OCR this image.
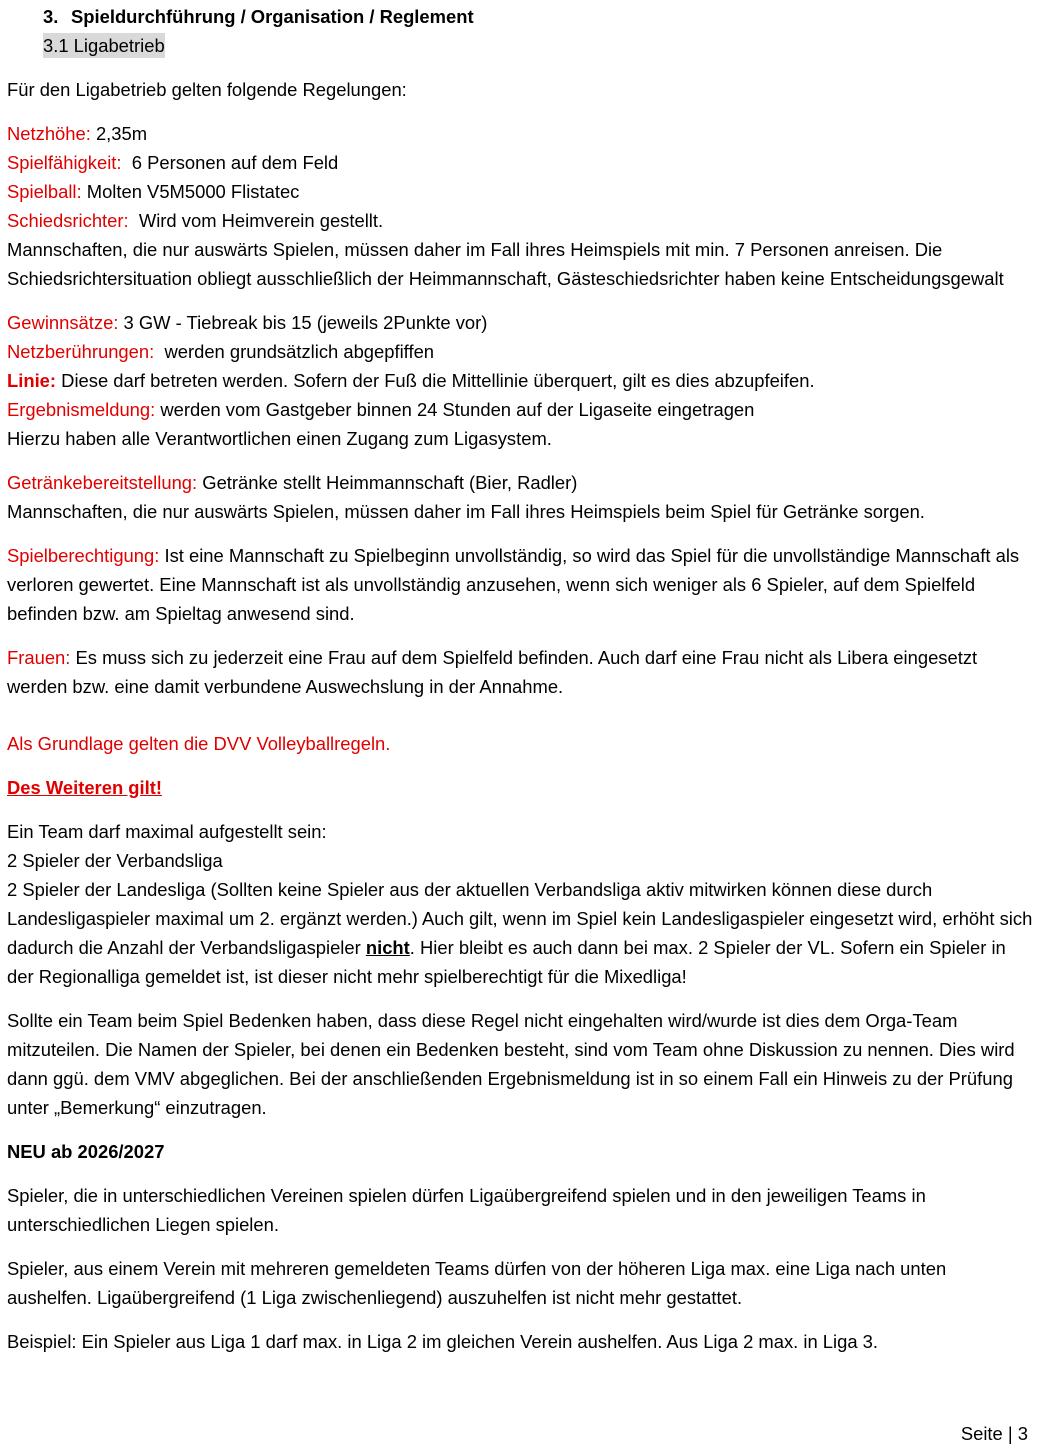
3. Spieldurchführung / Organisation / Reglement
3.1 Ligabetrieb

Für den Ligabetrieb gelten folgende Regelungen:

Netzhöhe: 2,35m

Spielfähigkeit:  6 Personen auf dem Feld

Spielball: Molten V5M5000 Flistatec

Schiedsrichter:  Wird vom Heimverein gestellt.

Mannschaften, die nur auswärts Spielen, müssen daher im Fall ihres Heimspiels mit min. 7 Personen anreisen. Die Schiedsrichtersituation obliegt ausschließlich der Heimmannschaft, Gästeschiedsrichter haben keine Entscheidungsgewalt

Gewinnsätze: 3 GW - Tiebreak bis 15 (jeweils 2Punkte vor)

Netzberührungen:  werden grundsätzlich abgepfiffen

Linie: Diese darf betreten werden. Sofern der Fuß die Mittellinie überquert, gilt es dies abzupfeifen.

Ergebnismeldung: werden vom Gastgeber binnen 24 Stunden auf der Ligaseite eingetragen

Hierzu haben alle Verantwortlichen einen Zugang zum Ligasystem.

Getränkebereitstellung: Getränke stellt Heimmannschaft (Bier, Radler)

Mannschaften, die nur auswärts Spielen, müssen daher im Fall ihres Heimspiels beim Spiel für Getränke sorgen.

Spielberechtigung: Ist eine Mannschaft zu Spielbeginn unvollständig, so wird das Spiel für die unvollständige Mannschaft als verloren gewertet. Eine Mannschaft ist als unvollständig anzusehen, wenn sich weniger als 6 Spieler, auf dem Spielfeld befinden bzw. am Spieltag anwesend sind.

Frauen: Es muss sich zu jederzeit eine Frau auf dem Spielfeld befinden. Auch darf eine Frau nicht als Libera eingesetzt werden bzw. eine damit verbundene Auswechslung in der Annahme.

Als Grundlage gelten die DVV Volleyballregeln.

Des Weiteren gilt!

Ein Team darf maximal aufgestellt sein:

2 Spieler der Verbandsliga

2 Spieler der Landesliga (Sollten keine Spieler aus der aktuellen Verbandsliga aktiv mitwirken können diese durch Landesligaspieler maximal um 2. ergänzt werden.) Auch gilt, wenn im Spiel kein Landesligaspieler eingesetzt wird, erhöht sich dadurch die Anzahl der Verbandsligaspieler nicht. Hier bleibt es auch dann bei max. 2 Spieler der VL. Sofern ein Spieler in der Regionalliga gemeldet ist, ist dieser nicht mehr spielberechtigt für die Mixedliga!

Sollte ein Team beim Spiel Bedenken haben, dass diese Regel nicht eingehalten wird/wurde ist dies dem Orga-Team mitzuteilen. Die Namen der Spieler, bei denen ein Bedenken besteht, sind vom Team ohne Diskussion zu nennen. Dies wird dann ggü. dem VMV abgeglichen. Bei der anschließenden Ergebnismeldung ist in so einem Fall ein Hinweis zu der Prüfung unter „Bemerkung“ einzutragen.

NEU ab 2026/2027

Spieler, die in unterschiedlichen Vereinen spielen dürfen Ligaübergreifend spielen und in den jeweiligen Teams in unterschiedlichen Liegen spielen.

Spieler, aus einem Verein mit mehreren gemeldeten Teams dürfen von der höheren Liga max. eine Liga nach unten aushelfen. Ligaübergreifend (1 Liga zwischenliegend) auszuhelfen ist nicht mehr gestattet.

Beispiel: Ein Spieler aus Liga 1 darf max. in Liga 2 im gleichen Verein aushelfen. Aus Liga 2 max. in Liga 3.

Seite | 3
